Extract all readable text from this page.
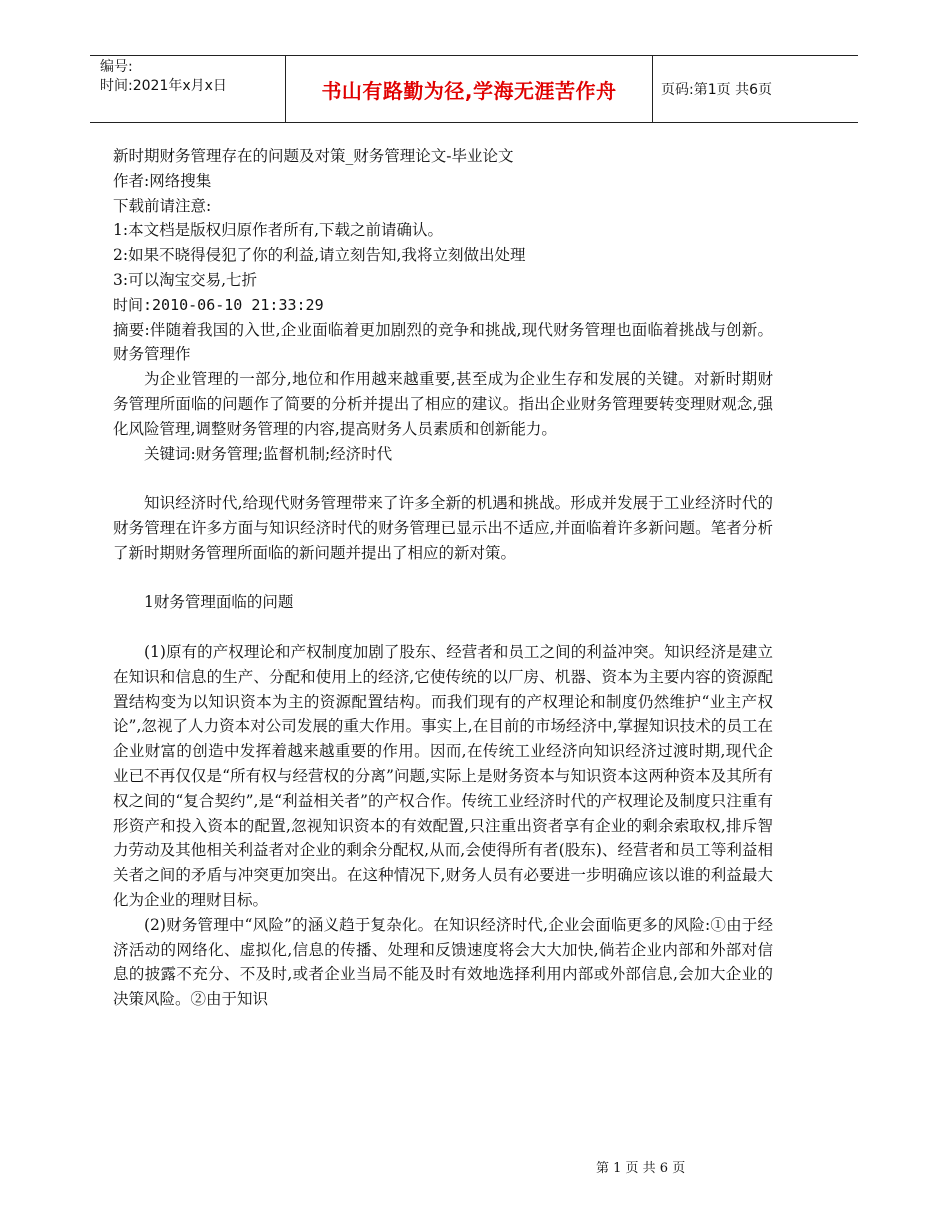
编号:
时间:2021年x月x日	书山有路勤为径,学海无涯苦作舟	页码:第1页 共6页

新时期财务管理存在的问题及对策_财务管理论文-毕业论文

作者:网络搜集

下载前请注意:

1:本文档是版权归原作者所有,下载之前请确认。

2:如果不晓得侵犯了你的利益,请立刻告知,我将立刻做出处理

3:可以淘宝交易,七折

时间:2010-06-10 21:33:29

摘要:伴随着我国的入世,企业面临着更加剧烈的竞争和挑战,现代财务管理也面临着挑战与创新。财务管理作

为企业管理的一部分,地位和作用越来越重要,甚至成为企业生存和发展的关键。对新时期财务管理所面临的问题作了简要的分析并提出了相应的建议。指出企业财务管理要转变理财观念,强化风险管理,调整财务管理的内容,提高财务人员素质和创新能力。

关键词:财务管理;监督机制;经济时代

知识经济时代,给现代财务管理带来了许多全新的机遇和挑战。形成并发展于工业经济时代的财务管理在许多方面与知识经济时代的财务管理已显示出不适应,并面临着许多新问题。笔者分析了新时期财务管理所面临的新问题并提出了相应的新对策。

1财务管理面临的问题

(1)原有的产权理论和产权制度加剧了股东、经营者和员工之间的利益冲突。知识经济是建立在知识和信息的生产、分配和使用上的经济,它使传统的以厂房、机器、资本为主要内容的资源配置结构变为以知识资本为主的资源配置结构。而我们现有的产权理论和制度仍然维护“业主产权论”,忽视了人力资本对公司发展的重大作用。事实上,在目前的市场经济中,掌握知识技术的员工在企业财富的创造中发挥着越来越重要的作用。因而,在传统工业经济向知识经济过渡时期,现代企业已不再仅仅是“所有权与经营权的分离”问题,实际上是财务资本与知识资本这两种资本及其所有权之间的“复合契约”,是“利益相关者”的产权合作。传统工业经济时代的产权理论及制度只注重有形资产和投入资本的配置,忽视知识资本的有效配置,只注重出资者享有企业的剩余索取权,排斥智力劳动及其他相关利益者对企业的剩余分配权,从而,会使得所有者(股东)、经营者和员工等利益相关者之间的矛盾与冲突更加突出。在这种情况下,财务人员有必要进一步明确应该以谁的利益最大化为企业的理财目标。

(2)财务管理中“风险”的涵义趋于复杂化。在知识经济时代,企业会面临更多的风险:①由于经济活动的网络化、虚拟化,信息的传播、处理和反馈速度将会大大加快,倘若企业内部和外部对信息的披露不充分、不及时,或者企业当局不能及时有效地选择利用内部或外部信息,会加大企业的决策风险。②由于知识

第 1 页 共 6 页
